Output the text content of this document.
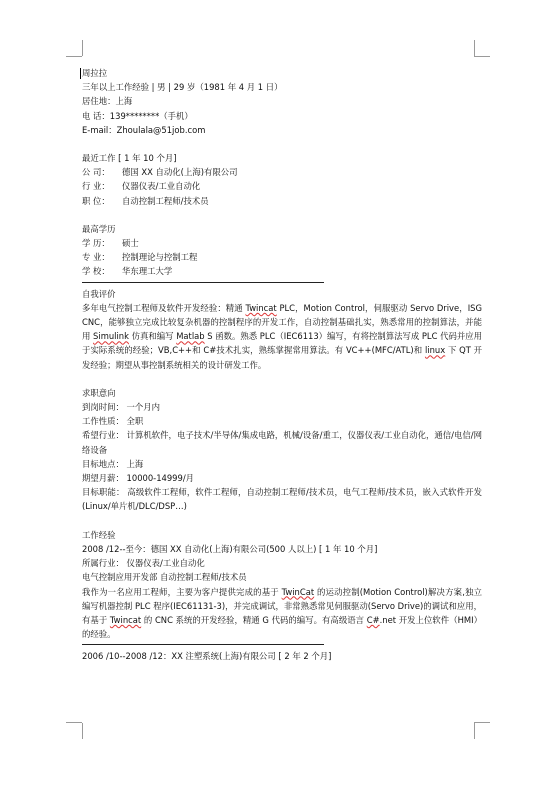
周拉拉
三年以上工作经验 | 男 | 29 岁（1981 年 4 月 1 日）
居住地：上海
电 话：139********（手机）
E-mail：Zhoulala@51job.com
最近工作 [ 1 年 10 个月]
公 司： 德国 XX 自动化(上海)有限公司
行 业： 仪器仪表/工业自动化
职 位： 自动控制工程师/技术员
最高学历
学 历： 硕士
专 业： 控制理论与控制工程
学 校： 华东理工大学
自我评价
多年电气控制工程师及软件开发经验：精通 Twincat PLC，Motion Control，伺服驱动 Servo Drive，ISG CNC，能够独立完成比较复杂机器的控制程序的开发工作，自动控制基础扎实，熟悉常用的控制算法，并能用 Simulink 仿真和编写 Matlab S 函数。熟悉 PLC（IEC6113）编写，有将控制算法写成 PLC 代码并应用于实际系统的经验；VB,C++和 C#技术扎实，熟练掌握常用算法。有 VC++(MFC/ATL)和 linux 下 QT 开发经验；期望从事控制系统相关的设计研发工作。
求职意向
到岗时间： 一个月内
工作性质： 全职
希望行业： 计算机软件，电子技术/半导体/集成电路，机械/设备/重工，仪器仪表/工业自动化，通信/电信/网络设备
目标地点： 上海
期望月薪： 10000-14999/月
目标职能： 高级软件工程师，软件工程师，自动控制工程师/技术员，电气工程师/技术员，嵌入式软件开发(Linux/单片机/DLC/DSP…)
工作经验
2008 /12--至今：德国 XX 自动化(上海)有限公司(500 人以上) [ 1 年 10 个月]
所属行业： 仪器仪表/工业自动化
电气控制应用开发部 自动控制工程师/技术员
我作为一名应用工程师，主要为客户提供完成的基于 TwinCat 的运动控制(Motion Control)解决方案,独立编写机器控制 PLC 程序(IEC61131-3)，并完成调试，非常熟悉常见伺服驱动(Servo Drive)的调试和应用，有基于 Twincat 的 CNC 系统的开发经验，精通 G 代码的编写。有高级语言 C#.net 开发上位软件（HMI）的经验。
2006 /10--2008 /12：XX 注塑系统(上海)有限公司 [ 2 年 2 个月]
